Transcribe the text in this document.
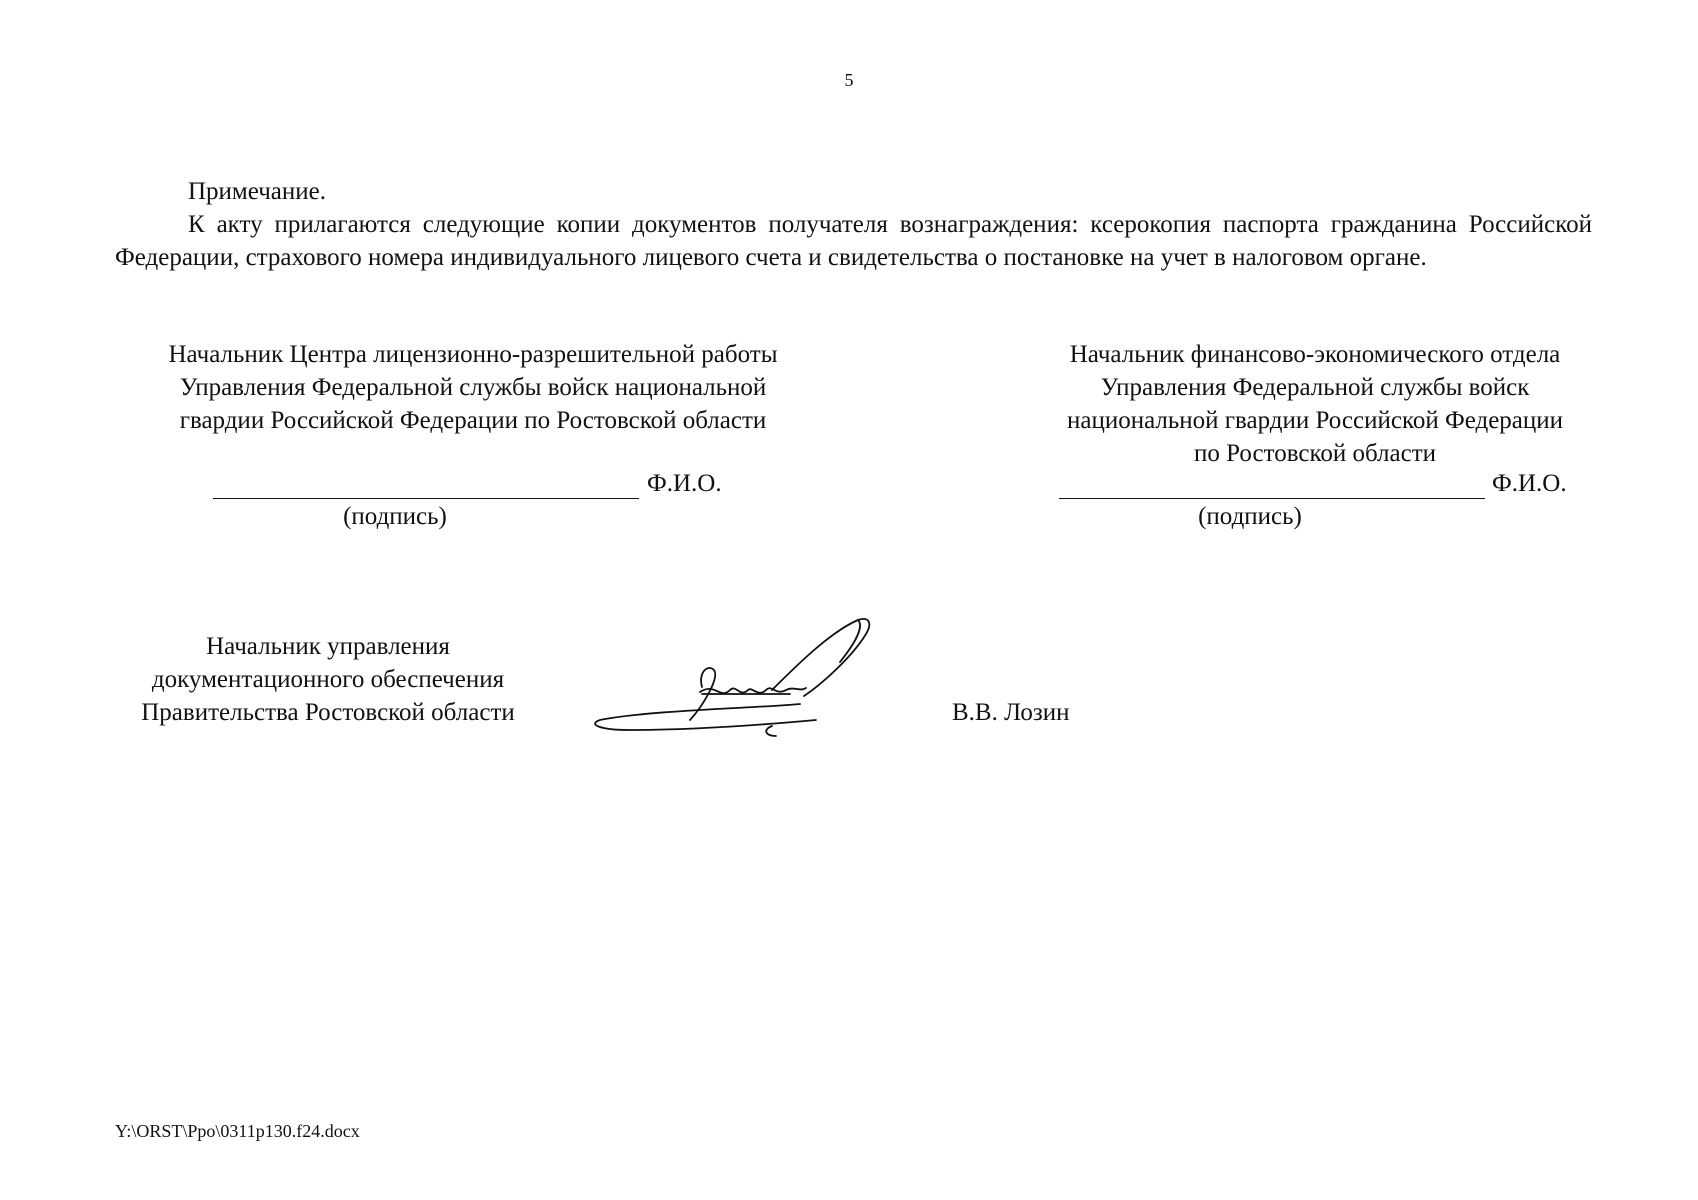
5
Примечание.
К акту прилагаются следующие копии документов получателя вознаграждения: ксерокопия паспорта гражданина Российской Федерации, страхового номера индивидуального лицевого счета и свидетельства о постановке на учет в налоговом органе.
Начальник Центра лицензионно-разрешительной работы
Управления Федеральной службы войск национальной
гвардии Российской Федерации по Ростовской области
Начальник финансово-экономического отдела
Управления Федеральной службы войск
национальной гвардии Российской Федерации
по Ростовской области
Ф.И.О.
(подпись)
Ф.И.О.
(подпись)
Начальник управления
документационного обеспечения
Правительства Ростовской области	В.В. Лозин
Y:\ORST\Ppo\0311p130.f24.docx
